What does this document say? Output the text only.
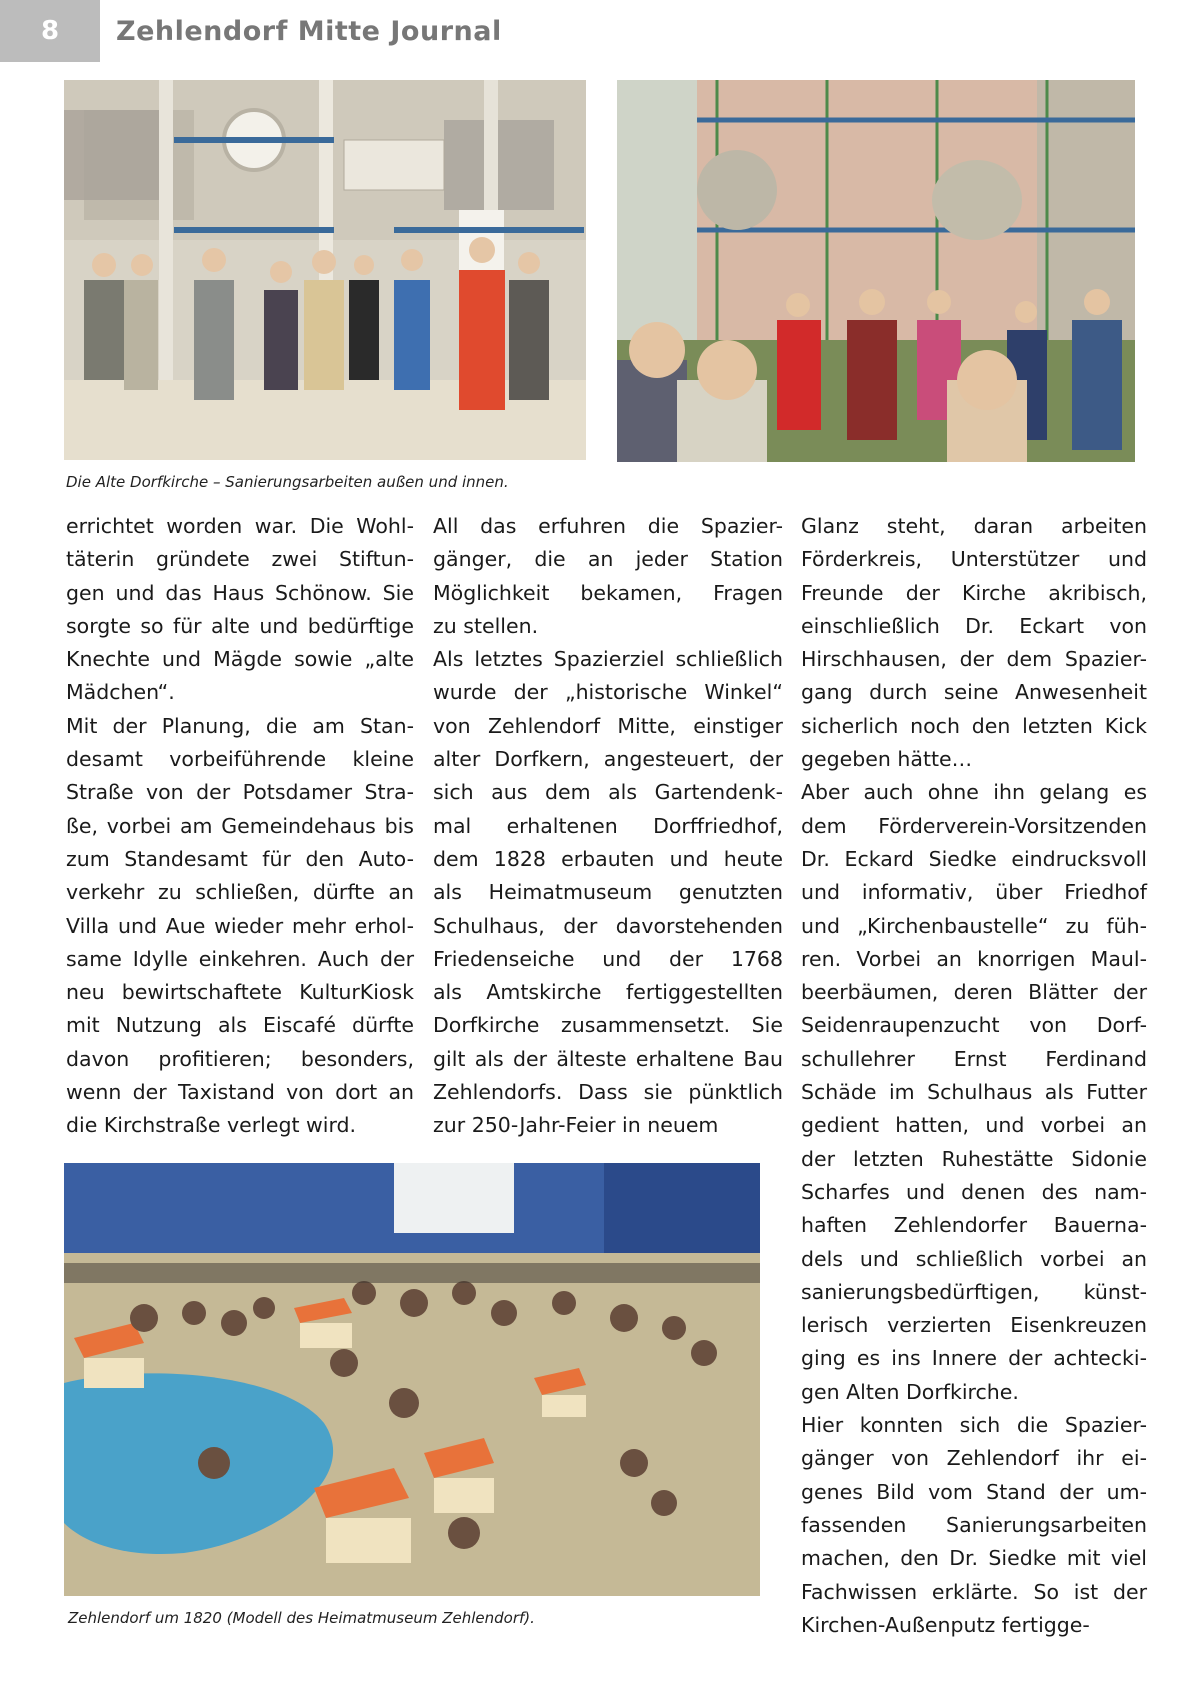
8	Zehlendorf Mitte Journal
Die Alte Dorfkirche – Sanierungsarbeiten außen und innen.
errichtet worden war. Die Wohl-
täterin gründete zwei Stiftun-
gen und das Haus Schönow. Sie
sorgte so für alte und bedürftige
Knechte und Mägde sowie „alte
Mädchen“.
Mit der Planung, die am Stan-
desamt vorbeiführende kleine
Straße von der Potsdamer Stra-
ße, vorbei am Gemeindehaus bis
zum Standesamt für den Auto-
verkehr zu schließen, dürfte an
Villa und Aue wieder mehr erhol-
same Idylle einkehren. Auch der
neu bewirtschaftete KulturKiosk
mit Nutzung als Eiscafé dürfte
davon profitieren; besonders,
wenn der Taxistand von dort an
die Kirchstraße verlegt wird.
All das erfuhren die Spazier-
gänger, die an jeder Station
Möglichkeit bekamen, Fragen
zu stellen.
Als letztes Spazierziel schließlich
wurde der „historische Winkel“
von Zehlendorf Mitte, einstiger
alter Dorfkern, angesteuert, der
sich aus dem als Gartendenk-
mal erhaltenen Dorffriedhof,
dem 1828 erbauten und heute
als Heimatmuseum genutzten
Schulhaus, der davorstehenden
Friedenseiche und der 1768
als Amtskirche fertiggestellten
Dorfkirche zusammensetzt. Sie
gilt als der älteste erhaltene Bau
Zehlendorfs. Dass sie pünktlich
zur 250-Jahr-Feier in neuem
Glanz steht, daran arbeiten
Förderkreis, Unterstützer und
Freunde der Kirche akribisch,
einschließlich Dr. Eckart von
Hirschhausen, der dem Spazier-
gang durch seine Anwesenheit
sicherlich noch den letzten Kick
gegeben hätte…
Aber auch ohne ihn gelang es
dem Förderverein-Vorsitzenden
Dr. Eckard Siedke eindrucksvoll
und informativ, über Friedhof
und „Kirchenbaustelle“ zu füh-
ren. Vorbei an knorrigen Maul-
beerbäumen, deren Blätter der
Seidenraupenzucht von Dorf-
schullehrer Ernst Ferdinand
Schäde im Schulhaus als Futter
gedient hatten, und vorbei an
der letzten Ruhestätte Sidonie
Scharfes und denen des nam-
haften Zehlendorfer Bauerna-
dels und schließlich vorbei an
sanierungsbedürftigen, künst-
lerisch verzierten Eisenkreuzen
ging es ins Innere der achtecki-
gen Alten Dorfkirche.
Hier konnten sich die Spazier-
gänger von Zehlendorf ihr ei-
genes Bild vom Stand der um-
fassenden Sanierungsarbeiten
machen, den Dr. Siedke mit viel
Fachwissen erklärte. So ist der
Kirchen-Außenputz fertigge-
Zehlendorf um 1820 (Modell des Heimatmuseum Zehlendorf).
